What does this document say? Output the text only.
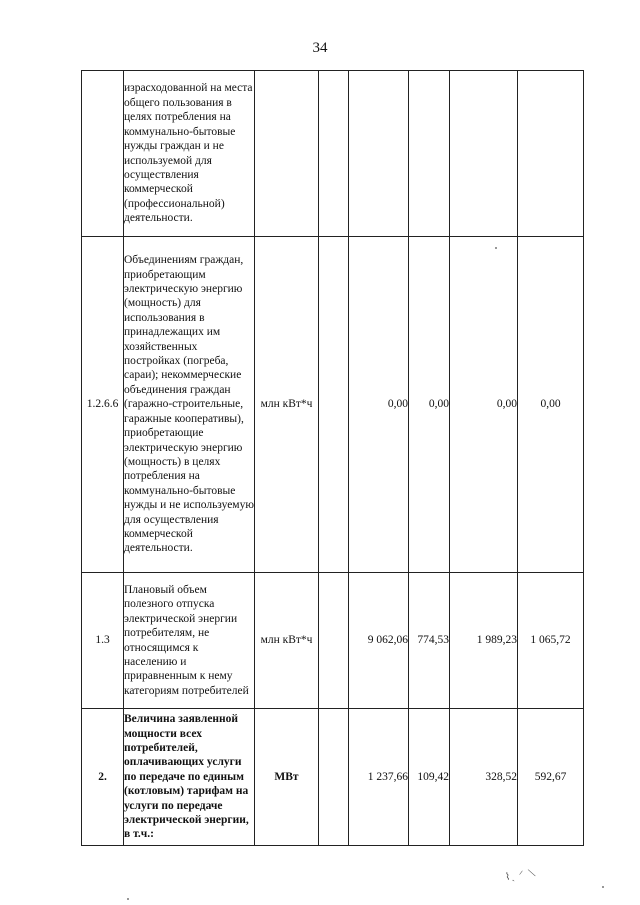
34
	израсходованной на места общего пользования в целях потребления на коммунально-бытовые нужды граждан и не используемой для осуществления коммерческой (профессиональной) деятельности.						
1.2.6.6	Объединениям граждан, приобретающим электрическую энергию (мощность) для использования в принадлежащих им хозяйственных постройках (погреба, сараи); некоммерческие объединения граждан (гаражно-строительные, гаражные кооперативы), приобретающие электрическую энергию (мощность) в целях потребления на коммунально-бытовые нужды и не используемую для осуществления коммерческой деятельности.	млн кВт*ч		0,00	0,00	0,00	0,00
1.3	Плановый объем полезного отпуска электрической энергии потребителям, не относящимся к населению и приравненным к нему категориям потребителей	млн кВт*ч		9 062,06	774,53	1 989,23	1 065,72
2.	Величина заявленной мощности всех потребителей, оплачивающих услуги по передаче по единым (котловым) тарифам на услуги по передаче электрической энергии, в т.ч.:	МВт		1 237,66	109,42	328,52	592,67
⌇ˏ ⸍ ⟍
